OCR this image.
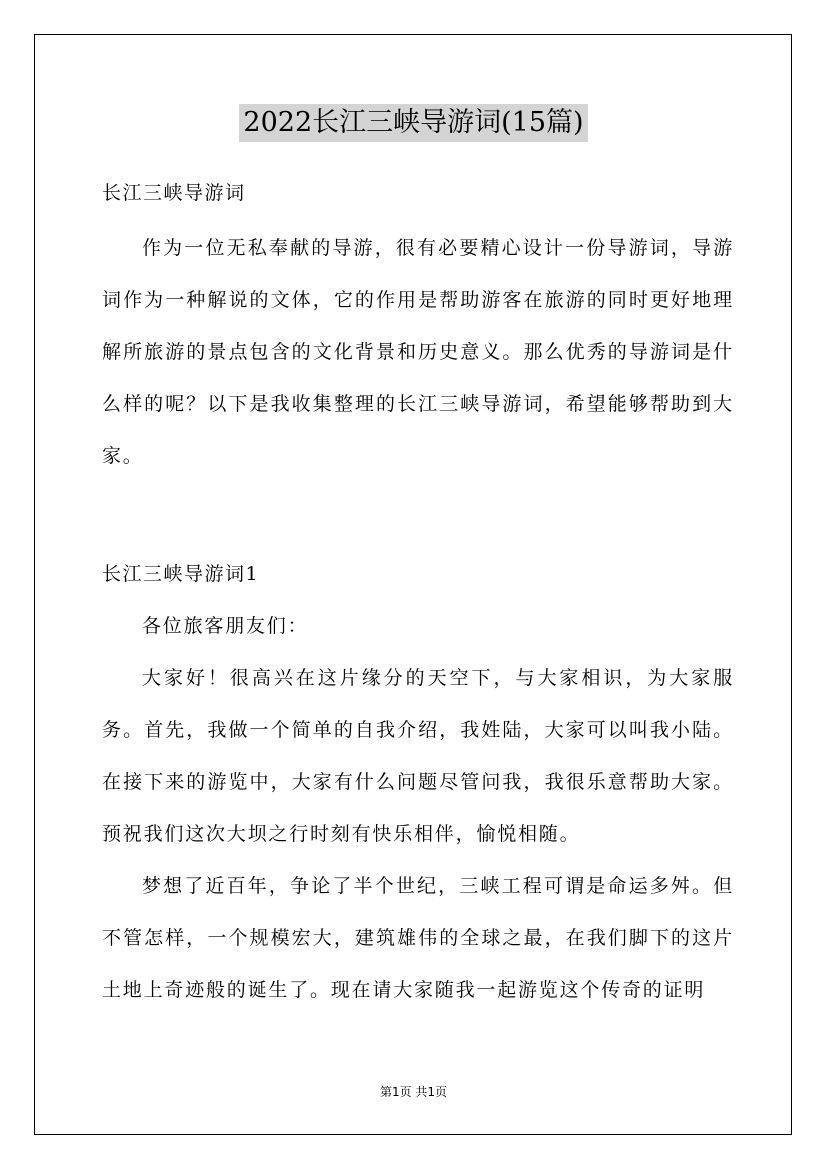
2022长江三峡导游词(15篇)
长江三峡导游词

作为一位无私奉献的导游，很有必要精心设计一份导游词，导游词作为一种解说的文体，它的作用是帮助游客在旅游的同时更好地理解所旅游的景点包含的文化背景和历史意义。那么优秀的导游词是什么样的呢？以下是我收集整理的长江三峡导游词，希望能够帮助到大家。

长江三峡导游词1

各位旅客朋友们：

大家好！很高兴在这片缘分的天空下，与大家相识，为大家服务。首先，我做一个简单的自我介绍，我姓陆，大家可以叫我小陆。在接下来的游览中，大家有什么问题尽管问我，我很乐意帮助大家。预祝我们这次大坝之行时刻有快乐相伴，愉悦相随。

梦想了近百年，争论了半个世纪，三峡工程可谓是命运多舛。但不管怎样，一个规模宏大，建筑雄伟的全球之最，在我们脚下的这片土地上奇迹般的诞生了。现在请大家随我一起游览这个传奇的证明

第1页 共1页
